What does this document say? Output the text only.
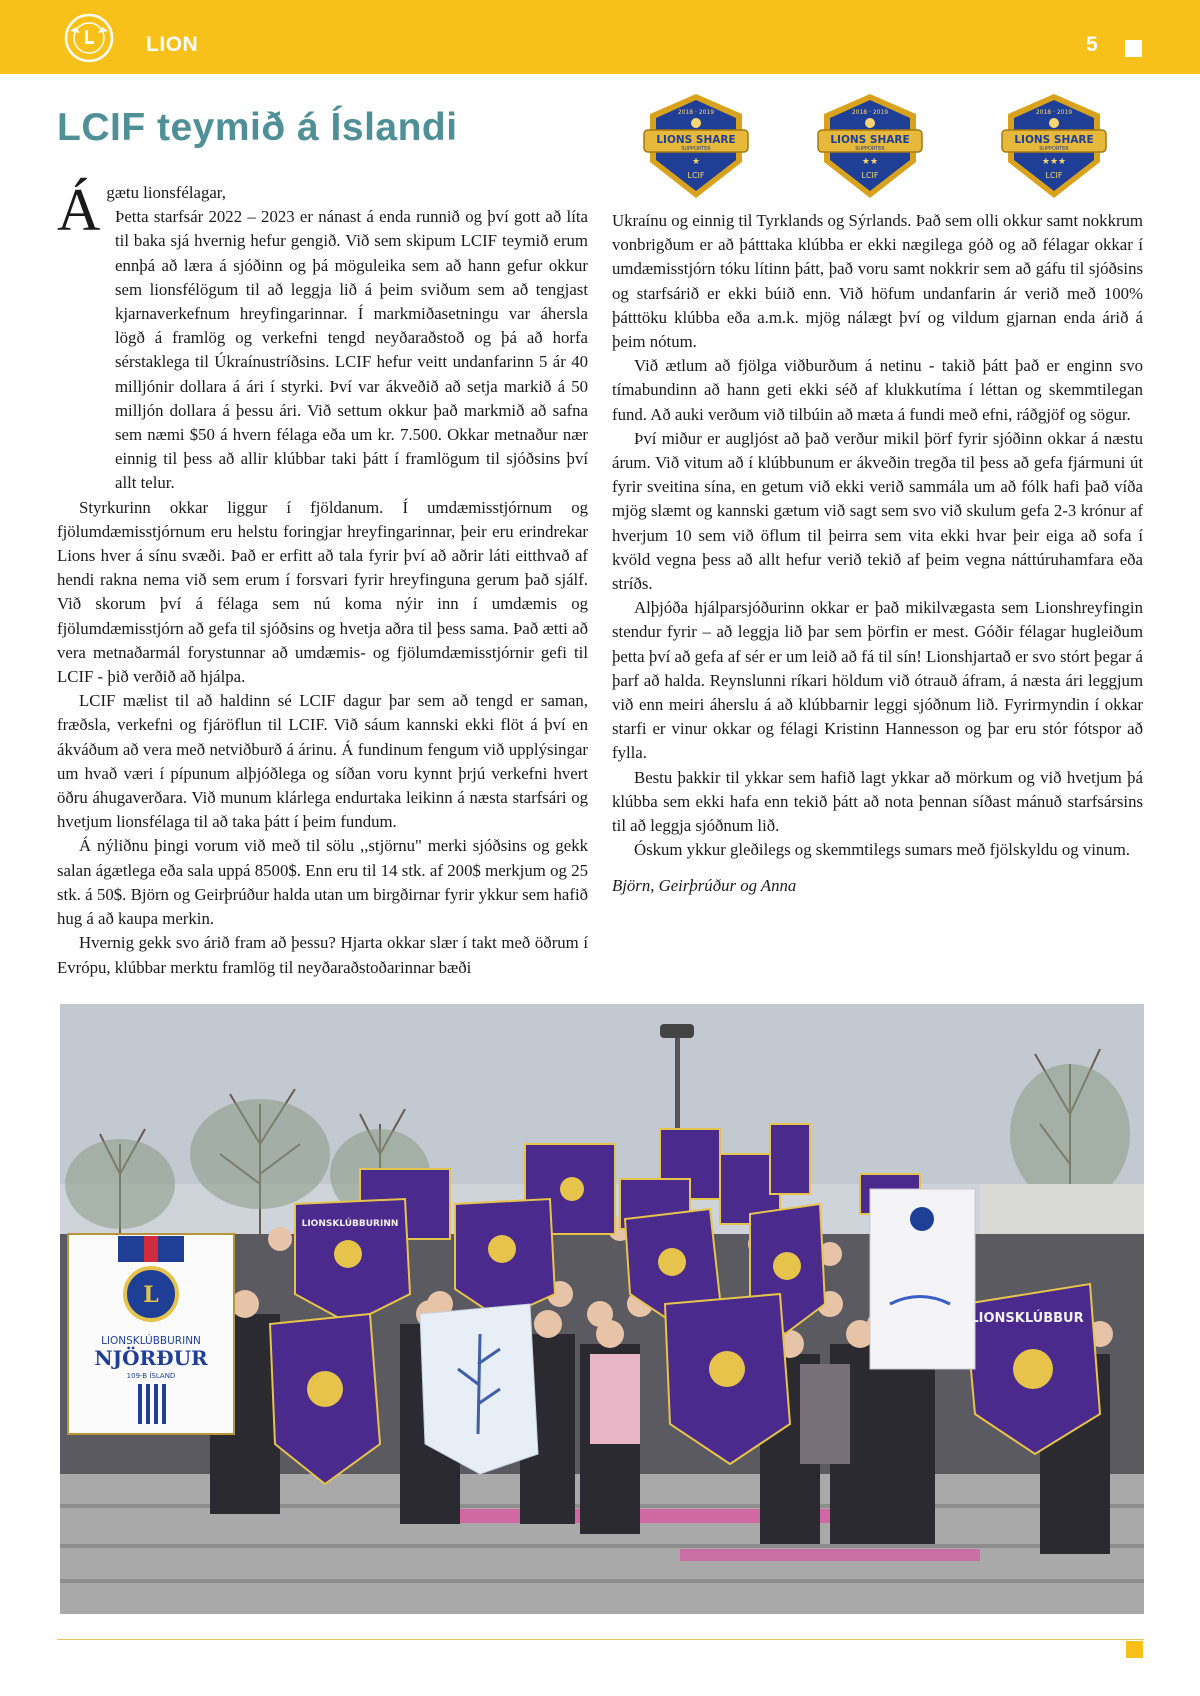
LION	5
LCIF teymið á Íslandi	2018 · 2019
LIONS SHARE
SUPPORTER
★
LCIF
2018 · 2019
LIONS SHARE
SUPPORTER
★★
LCIF
2018 · 2019
LIONS SHARE
SUPPORTER
★★★
LCIF

Ágætu lionsfélagar,

Þetta starfsár 2022 – 2023 er nánast á enda runnið og því gott að líta til baka sjá hvernig hefur gengið. Við sem skipum LCIF teymið erum ennþá að læra á sjóðinn og þá möguleika sem að hann gefur okkur sem lionsfélögum til að leggja lið á þeim sviðum sem að tengjast kjarnaverkefnum hreyfingarinnar. Í markmiðasetningu var áhersla lögð á framlög og verkefni tengd neyðaraðstoð og þá að horfa sérstaklega til Úkraínustríðsins. LCIF hefur veitt undanfarinn 5 ár 40 milljónir dollara á ári í styrki. Því var ákveðið að setja markið á 50 milljón dollara á þessu ári. Við settum okkur það markmið að safna sem næmi $50 á hvern félaga eða um kr. 7.500. Okkar metnaður nær einnig til þess að allir klúbbar taki þátt í framlögum til sjóðsins því allt telur.

Styrkurinn okkar liggur í fjöldanum. Í umdæmisstjórnum og fjölumdæmisstjórnum eru helstu foringjar hreyfingarinnar, þeir eru erindrekar Lions hver á sínu svæði. Það er erfitt að tala fyrir því að aðrir láti eitthvað af hendi rakna nema við sem erum í forsvari fyrir hreyfinguna gerum það sjálf. Við skorum því á félaga sem nú koma nýir inn í umdæmis og fjölumdæmisstjórn að gefa til sjóðsins og hvetja aðra til þess sama. Það ætti að vera metnaðarmál forystunnar að umdæmis- og fjölumdæmisstjórnir gefi til LCIF - þið verðið að hjálpa.

LCIF mælist til að haldinn sé LCIF dagur þar sem að tengd er saman, fræðsla, verkefni og fjáröflun til LCIF. Við sáum kannski ekki flöt á því en ákváðum að vera með netviðburð á árinu. Á fundinum fengum við upplýsingar um hvað væri í pípunum alþjóðlega og síðan voru kynnt þrjú verkefni hvert öðru áhugaverðara. Við munum klárlega endurtaka leikinn á næsta starfsári og hvetjum lionsfélaga til að taka þátt í þeim fundum.

Á nýliðnu þingi vorum við með til sölu ,,stjörnu" merki sjóðsins og gekk salan ágætlega eða sala uppá 8500$. Enn eru til 14 stk. af 200$ merkjum og 25 stk. á 50$. Björn og Geirþrúður halda utan um birgðirnar fyrir ykkur sem hafið hug á að kaupa merkin.

Hvernig gekk svo árið fram að þessu? Hjarta okkar slær í takt með öðrum í Evrópu, klúbbar merktu framlög til neyðaraðstoðarinnar bæði

Ukraínu og einnig til Tyrklands og Sýrlands. Það sem olli okkur samt nokkrum vonbrigðum er að þátttaka klúbba er ekki nægilega góð og að félagar okkar í umdæmisstjórn tóku lítinn þátt, það voru samt nokkrir sem að gáfu til sjóðsins og starfsárið er ekki búið enn. Við höfum undanfarin ár verið með 100% þátttöku klúbba eða a.m.k. mjög nálægt því og vildum gjarnan enda árið á þeim nótum.

Við ætlum að fjölga viðburðum á netinu - takið þátt það er enginn svo tímabundinn að hann geti ekki séð af klukkutíma í léttan og skemmtilegan fund. Að auki verðum við tilbúin að mæta á fundi með efni, ráðgjöf og sögur.

Því miður er augljóst að það verður mikil þörf fyrir sjóðinn okkar á næstu árum. Við vitum að í klúbbunum er ákveðin tregða til þess að gefa fjármuni út fyrir sveitina sína, en getum við ekki verið sammála um að fólk hafi það víða mjög slæmt og kannski gætum við sagt sem svo við skulum gefa 2-3 krónur af hverjum 10 sem við öflum til þeirra sem vita ekki hvar þeir eiga að sofa í kvöld vegna þess að allt hefur verið tekið af þeim vegna náttúruhamfara eða stríðs.

Alþjóða hjálparsjóðurinn okkar er það mikilvægasta sem Lionshreyfingin stendur fyrir – að leggja lið þar sem þörfin er mest. Góðir félagar hugleiðum þetta því að gefa af sér er um leið að fá til sín! Lionshjartað er svo stórt þegar á þarf að halda. Reynslunni ríkari höldum við ótrauð áfram, á næsta ári leggjum við enn meiri áherslu á að klúbbarnir leggi sjóðnum lið. Fyrirmyndin í okkar starfi er vinur okkar og félagi Kristinn Hannesson og þar eru stór fótspor að fylla.

Bestu þakkir til ykkar sem hafið lagt ykkar að mörkum og við hvetjum þá klúbba sem ekki hafa enn tekið þátt að nota þennan síðast mánuð starfsársins til að leggja sjóðnum lið.

Óskum ykkur gleðilegs og skemmtilegs sumars með fjölskyldu og vinum.

Björn, Geirþrúður og Anna

L
LIONSKLÚBBURINN
NJÖRÐUR
109-B ÍSLAND
LIONSKLÚBBUR
LIONSKLÚBBURINN
